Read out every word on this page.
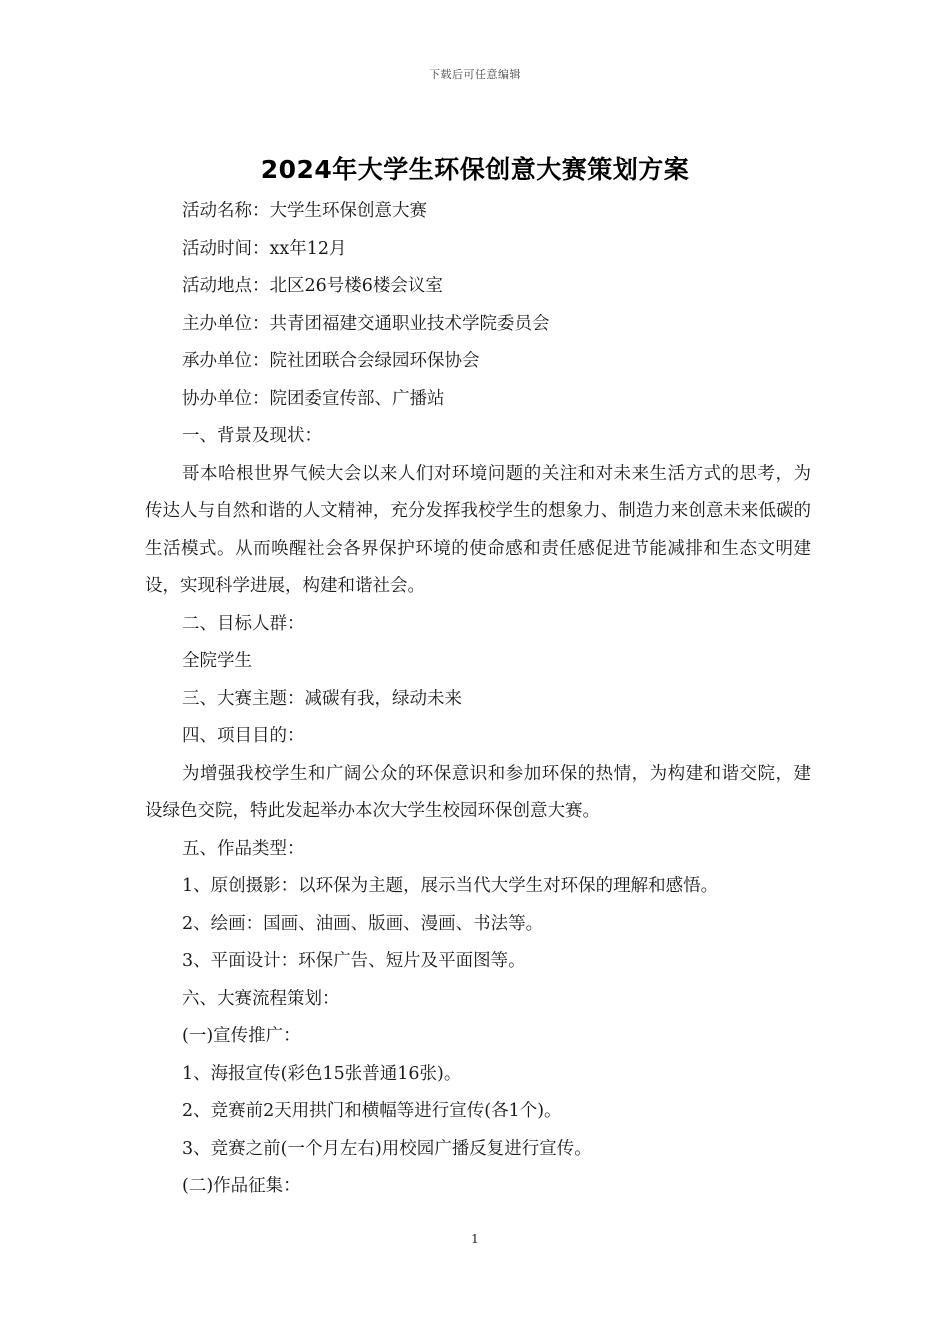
下载后可任意编辑
2024年大学生环保创意大赛策划方案

活动名称：大学生环保创意大赛

活动时间：xx年12月

活动地点：北区26号楼6楼会议室

主办单位：共青团福建交通职业技术学院委员会

承办单位：院社团联合会绿园环保协会

协办单位：院团委宣传部、广播站

一、背景及现状：

哥本哈根世界气候大会以来人们对环境问题的关注和对未来生活方式的思考，为传达人与自然和谐的人文精神，充分发挥我校学生的想象力、制造力来创意未来低碳的生活模式。从而唤醒社会各界保护环境的使命感和责任感促进节能减排和生态文明建设，实现科学进展，构建和谐社会。

二、目标人群：

全院学生

三、大赛主题：减碳有我，绿动未来

四、项目目的：

为增强我校学生和广阔公众的环保意识和参加环保的热情，为构建和谐交院，建设绿色交院，特此发起举办本次大学生校园环保创意大赛。

五、作品类型：

1、原创摄影：以环保为主题，展示当代大学生对环保的理解和感悟。

2、绘画：国画、油画、版画、漫画、书法等。

3、平面设计：环保广告、短片及平面图等。

六、大赛流程策划：

(一)宣传推广：

1、海报宣传(彩色15张普通16张)。

2、竞赛前2天用拱门和横幅等进行宣传(各1个)。

3、竞赛之前(一个月左右)用校园广播反复进行宣传。

(二)作品征集：

1
